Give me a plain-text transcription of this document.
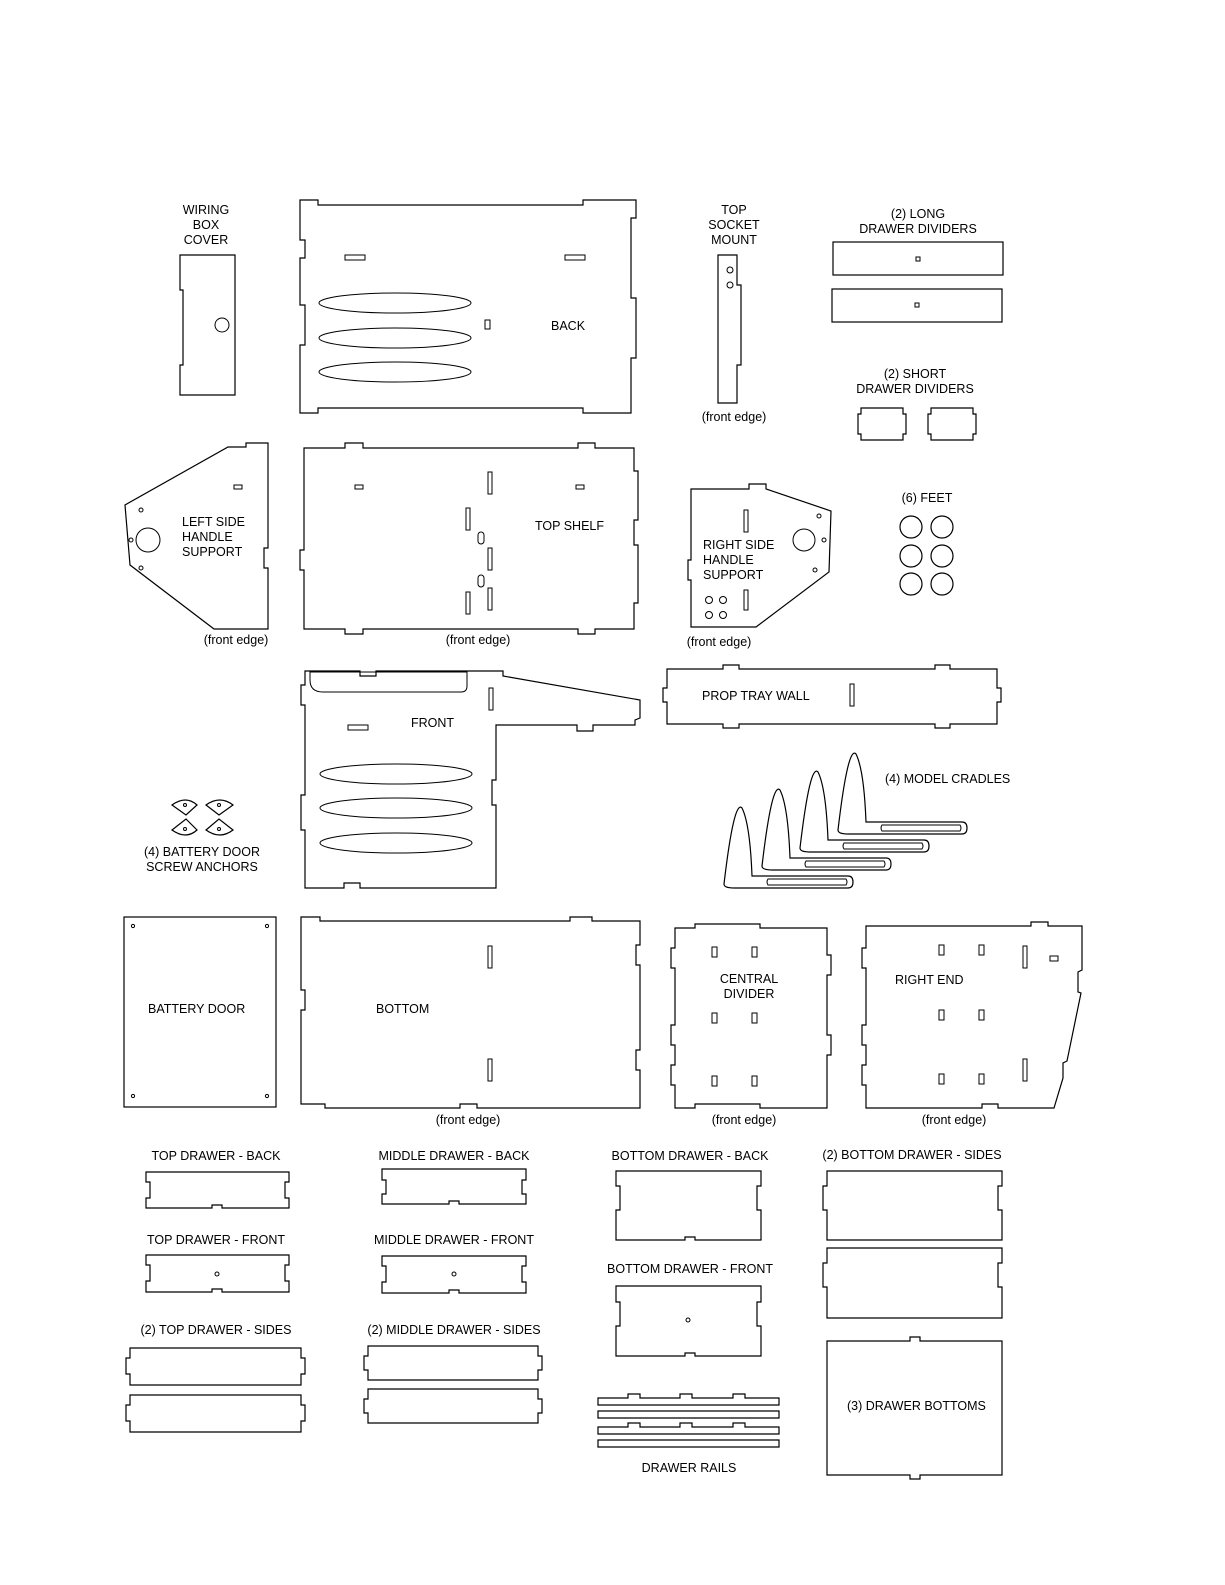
WIRING
BOX
COVER
BACK
TOP
SOCKET
MOUNT
(front edge)
(2) LONG
DRAWER DIVIDERS
(2) SHORT
DRAWER DIVIDERS
LEFT SIDE
HANDLE
SUPPORT
(front edge)
TOP SHELF
(front edge)
RIGHT SIDE
HANDLE
SUPPORT
(front edge)
(6) FEET
FRONT
PROP TRAY WALL
(4) MODEL CRADLES
(4) BATTERY DOOR
SCREW ANCHORS
BATTERY DOOR	BOTTOM
(front edge)
CENTRAL
DIVIDER
(front edge)
RIGHT END
(front edge)
TOP DRAWER - BACK	MIDDLE DRAWER - BACK	BOTTOM DRAWER - BACK	(2) BOTTOM DRAWER - SIDES
TOP DRAWER - FRONT	MIDDLE DRAWER - FRONT
BOTTOM DRAWER - FRONT
(2) TOP DRAWER - SIDES	(2) MIDDLE DRAWER - SIDES
DRAWER RAILS
(3) DRAWER BOTTOMS
